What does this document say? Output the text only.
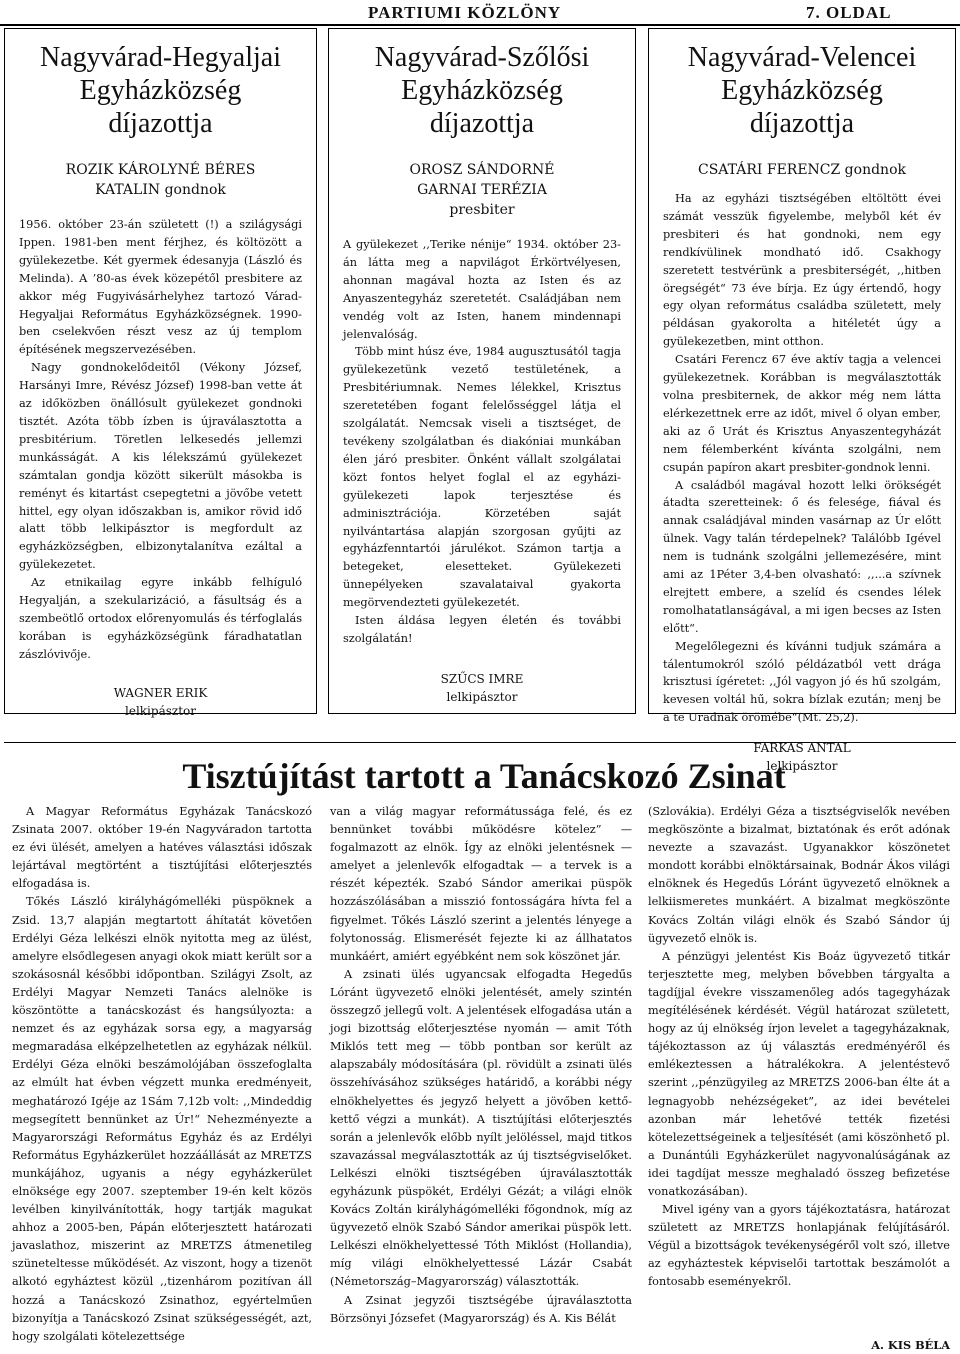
PARTIUMI KÖZLÖNY	7. OLDAL
Nagyvárad-Hegyaljai
Egyházközség
díjazottja
ROZIK KÁROLYNÉ BÉRES
KATALIN gondnok

1956. október 23-án született (!) a szilágysági Ippen. 1981-ben ment férjhez, és költözött a gyülekezetbe. Két gyermek édesanyja (László és Melinda). A ’80-as évek közepétől presbitere az akkor még Fugyivásárhelyhez tartozó Várad-Hegyaljai Református Egyházközségnek. 1990-ben cselekvően részt vesz az új templom építésének megszervezésében.

Nagy gondnokelődeitől (Vékony József, Harsányi Imre, Révész József) 1998-ban vette át az időközben önállósult gyülekezet gondnoki tisztét. Azóta több ízben is újraválasztotta a presbitérium. Töretlen lelkesedés jellemzi munkásságát. A kis lélekszámú gyülekezet számtalan gondja között sikerült másokba is reményt és kitartást csepegtetni a jövőbe vetett hittel, egy olyan időszakban is, amikor rövid idő alatt több lelkipásztor is megfordult az egyházközségben, elbizonytalanítva ezáltal a gyülekezetet.

Az etnikailag egyre inkább felhíguló Hegyalján, a szekularizáció, a fásultság és a szembeötlő ortodox előrenyomulás és térfoglalás korában is egyházközségünk fáradhatatlan zászlóvivője.

WAGNER ERIK
lelkipásztor
Nagyvárad-Szőlősi
Egyházközség
díjazottja
OROSZ SÁNDORNÉ
GARNAI TERÉZIA
presbiter

A gyülekezet ,,Terike nénije“ 1934. október 23-án látta meg a napvilágot Érkörtvélyesen, ahonnan magával hozta az Isten és az Anyaszentegyház szeretetét. Családjában nem vendég volt az Isten, hanem mindennapi jelenvalóság.

Több mint húsz éve, 1984 augusztusától tagja gyülekezetünk vezető testületének, a Presbitériumnak. Nemes lélekkel, Krisztus szeretetében fogant felelősséggel látja el szolgálatát. Nemcsak viseli a tisztséget, de tevékeny szolgálatban és diakóniai munkában élen járó presbiter. Önként vállalt szolgálatai közt fontos helyet foglal el az egyházi-gyülekezeti lapok terjesztése és adminisztrációja. Körzetében saját nyilvántartása alapján szorgosan gyűjti az egyházfenntartói járulékot. Számon tartja a betegeket, elesetteket. Gyülekezeti ünnepélyeken szavalataival gyakorta megörvendezteti gyülekezetét.

Isten áldása legyen életén és további szolgálatán!

SZŰCS IMRE
lelkipásztor
Nagyvárad-Velencei
Egyházközség
díjazottja
CSATÁRI FERENCZ gondnok

Ha az egyházi tisztségében eltöltött évei számát vesszük figyelembe, melyből két év presbiteri és hat gondnoki, nem egy rendkívülinek mondható idő. Csakhogy szeretett testvérünk a presbiterségét, ,,hitben öregségét“ 73 éve bírja. Ez úgy értendő, hogy egy olyan református családba született, mely példásan gyakorolta a hitéletét úgy a gyülekezetben, mint otthon.

Csatári Ferencz 67 éve aktív tagja a velencei gyülekezetnek. Korábban is megválasztották volna presbiternek, de akkor még nem látta elérkezettnek erre az időt, mivel ő olyan ember, aki az ő Urát és Krisztus Anyaszentegyházát nem félemberként kívánta szolgálni, nem csupán papíron akart presbiter-gondnok lenni.

A családból magával hozott lelki örökségét átadta szeretteinek: ő és felesége, fiával és annak családjával minden vasárnap az Úr előtt ülnek. Vagy talán térdepelnek? Találóbb Igével nem is tudnánk szolgálni jellemezésére, mint ami az 1Péter 3,4-ben olvasható: ,,...a szívnek elrejtett embere, a szelíd és csendes lélek romolhatatlanságával, a mi igen becses az Isten előtt“.

Megelőlegezni és kívánni tudjuk számára a tálentumokról szóló példázatból vett drága krisztusi ígéretet: ,,Jól vagyon jó és hű szolgám, kevesen voltál hű, sokra bízlak ezután; menj be a te Uradnak örömébe“(Mt. 25,2).

FARKAS ANTAL
lelkipásztor
Tisztújítást tartott a Tanácskozó Zsinat

A Magyar Református Egyházak Tanácskozó Zsinata 2007. október 19-én Nagyváradon tartotta ez évi ülését, amelyen a hatéves választási időszak lejártával megtörtént a tisztújítási előterjesztés elfogadása is.

Tőkés László királyhágómelléki püspöknek a Zsid. 13,7 alapján megtartott áhítatát követően Erdélyi Géza lelkészi elnök nyitotta meg az ülést, amelyre elsődlegesen anyagi okok miatt került sor a szokásosnál későbbi időpontban. Szilágyi Zsolt, az Erdélyi Magyar Nemzeti Tanács alelnöke is köszöntötte a tanácskozást és hangsúlyozta: a nemzet és az egyházak sorsa egy, a magyarság megmaradása elképzelhetetlen az egyházak nélkül. Erdélyi Géza elnöki beszámolójában összefoglalta az elmúlt hat évben végzett munka eredményeit, meghatározó Igéje az 1Sám 7,12b volt: ,,Mindeddig megsegített bennünket az Úr!“ Nehezményezte a Magyarországi Református Egyház és az Erdélyi Református Egyházkerület hozzáállását az MRETZS munkájához, ugyanis a négy egyházkerület elnöksége egy 2007. szeptember 19-én kelt közös levélben kinyilvánították, hogy tartják magukat ahhoz a 2005-ben, Pápán előterjesztett határozati javaslathoz, miszerint az MRETZS átmenetileg szüneteltesse működését. Az viszont, hogy a tizenöt alkotó egyháztest közül ,,tizenhárom pozitívan áll hozzá a Tanácskozó Zsinathoz, egyértelműen bizonyítja a Tanácskozó Zsinat szükségességét, azt, hogy szolgálati kötelezettsége

van a világ magyar reformátussága felé, és ez bennünket további működésre kötelez” — fogalmazott az elnök. Így az elnöki jelentésnek — amelyet a jelenlevők elfogadtak — a tervek is a részét képezték. Szabó Sándor amerikai püspök hozzászólásában a misszió fontosságára hívta fel a figyelmet. Tőkés László szerint a jelentés lényege a folytonosság. Elismerését fejezte ki az állhatatos munkáért, amiért egyébként nem sok köszönet jár.

A zsinati ülés ugyancsak elfogadta Hegedűs Lóránt ügyvezető elnöki jelentését, amely szintén összegző jellegű volt. A jelentések elfogadása után a jogi bizottság előterjesztése nyomán — amit Tóth Miklós tett meg — több pontban sor került az alapszabály módosítására (pl. rövidült a zsinati ülés összehívásához szükséges határidő, a korábbi négy elnökhelyettes és jegyző helyett a jövőben kettő-kettő végzi a munkát). A tisztújítási előterjesztés során a jelenlevők előbb nyílt jelöléssel, majd titkos szavazással megválasztották az új tisztségviselőket. Lelkészi elnöki tisztségében újraválasztották egyházunk püspökét, Erdélyi Gézát; a világi elnök Kovács Zoltán királyhágómelléki főgondnok, míg az ügyvezető elnök Szabó Sándor amerikai püspök lett. Lelkészi elnökhelyettessé Tóth Miklóst (Hollandia), míg világi elnökhelyettessé Lázár Csabát (Németország–Magyarország) választották.

A Zsinat jegyzői tisztségébe újraválasztotta Börzsönyi Józsefet (Magyarország) és A. Kis Bélát

(Szlovákia). Erdélyi Géza a tisztségviselők nevében megköszönte a bizalmat, biztatónak és erőt adónak nevezte a szavazást. Ugyanakkor köszönetet mondott korábbi elnöktársainak, Bodnár Ákos világi elnöknek és Hegedűs Lóránt ügyvezető elnöknek a lelkiismeretes munkáért. A bizalmat megköszönte Kovács Zoltán világi elnök és Szabó Sándor új ügyvezető elnök is.

A pénzügyi jelentést Kis Boáz ügyvezető titkár terjesztette meg, melyben bővebben tárgyalta a tagdíjjal évekre visszamenőleg adós tagegyházak megítélésének kérdését. Végül határozat született, hogy az új elnökség írjon levelet a tagegyházaknak, tájékoztasson az új választás eredményéről és emlékeztessen a hátralékokra. A jelentéstevő szerint ,,pénzügyileg az MRETZS 2006-ban élte át a legnagyobb nehézségeket”, az idei bevételei azonban már lehetővé tették fizetési kötelezettségeinek a teljesítését (ami köszönhető pl. a Dunántúli Egyházkerület nagyvonalúságának az idei tagdíjat messze meghaladó összeg befizetése vonatkozásában).

Mivel igény van a gyors tájékoztatásra, határozat született az MRETZS honlapjának felújításáról. Végül a bizottságok tevékenységéről volt szó, illetve az egyháztestek képviselői tartottak beszámolót a fontosabb eseményekről.

A. KIS BÉLA
